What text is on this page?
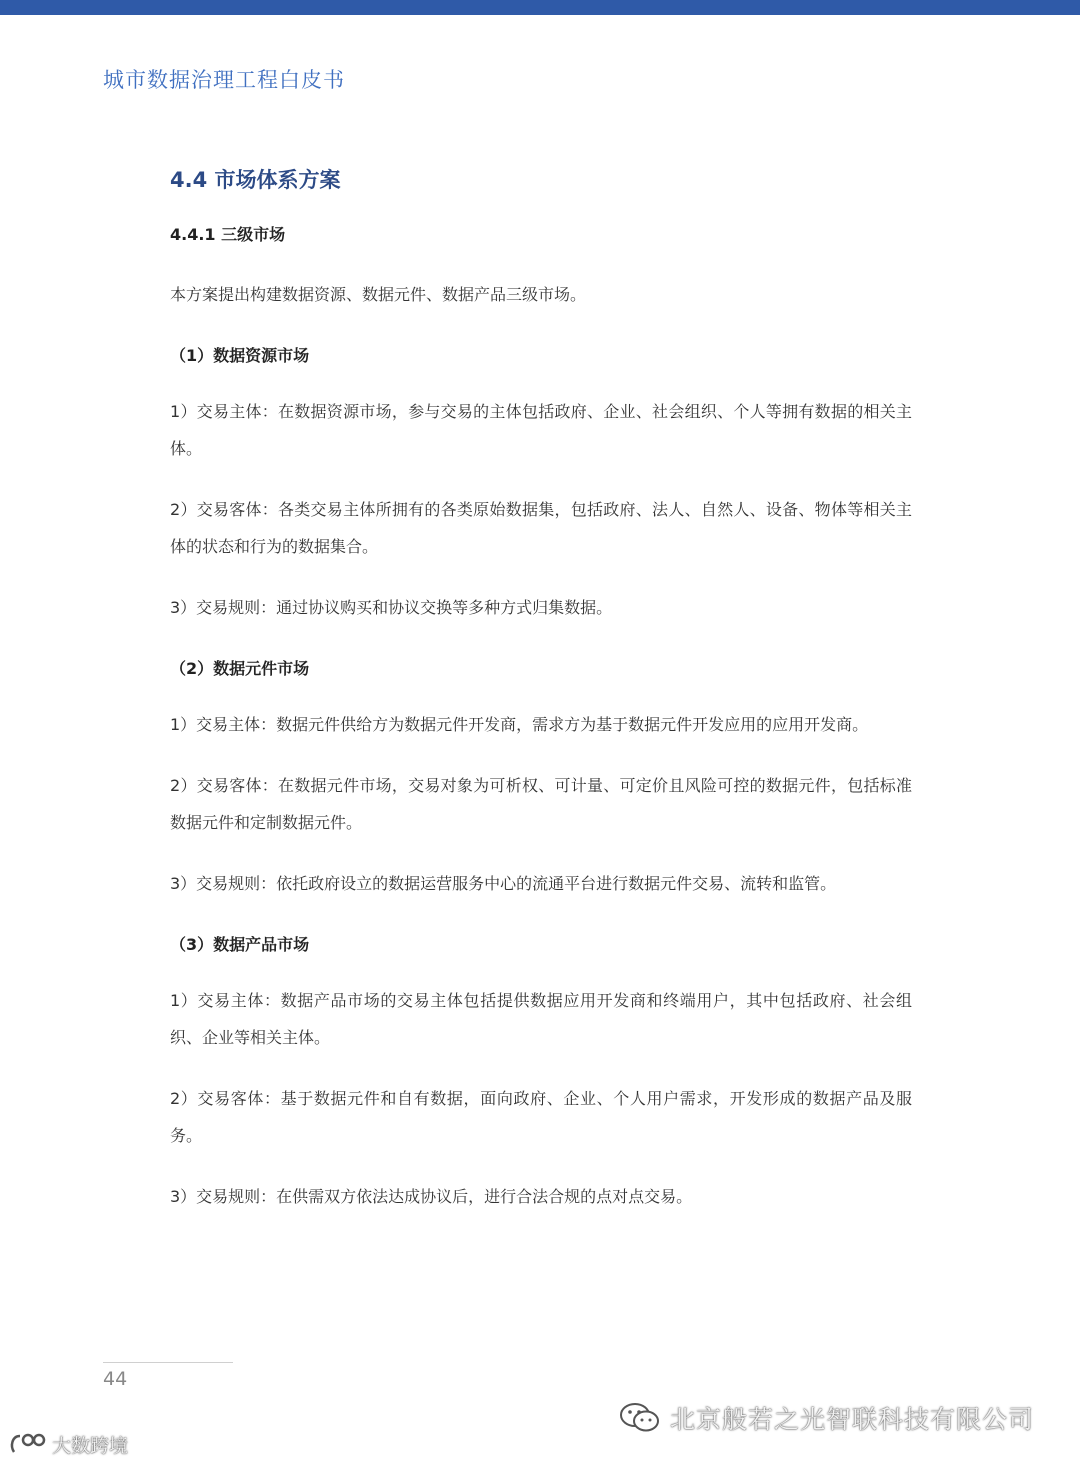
城市数据治理工程白皮书
4.4 市场体系方案
4.4.1 三级市场

本方案提出构建数据资源、数据元件、数据产品三级市场。

（1）数据资源市场

1）交易主体：在数据资源市场，参与交易的主体包括政府、企业、社会组织、个人等拥有数据的相关主体。

2）交易客体：各类交易主体所拥有的各类原始数据集，包括政府、法人、自然人、设备、物体等相关主体的状态和行为的数据集合。

3）交易规则：通过协议购买和协议交换等多种方式归集数据。

（2）数据元件市场

1）交易主体：数据元件供给方为数据元件开发商，需求方为基于数据元件开发应用的应用开发商。

2）交易客体：在数据元件市场，交易对象为可析权、可计量、可定价且风险可控的数据元件，包括标准数据元件和定制数据元件。

3）交易规则：依托政府设立的数据运营服务中心的流通平台进行数据元件交易、流转和监管。

（3）数据产品市场

1）交易主体：数据产品市场的交易主体包括提供数据应用开发商和终端用户，其中包括政府、社会组织、企业等相关主体。

2）交易客体：基于数据元件和自有数据，面向政府、企业、个人用户需求，开发形成的数据产品及服务。

3）交易规则：在供需双方依法达成协议后，进行合法合规的点对点交易。

44
北京般若之光智联科技有限公司
大数跨境
